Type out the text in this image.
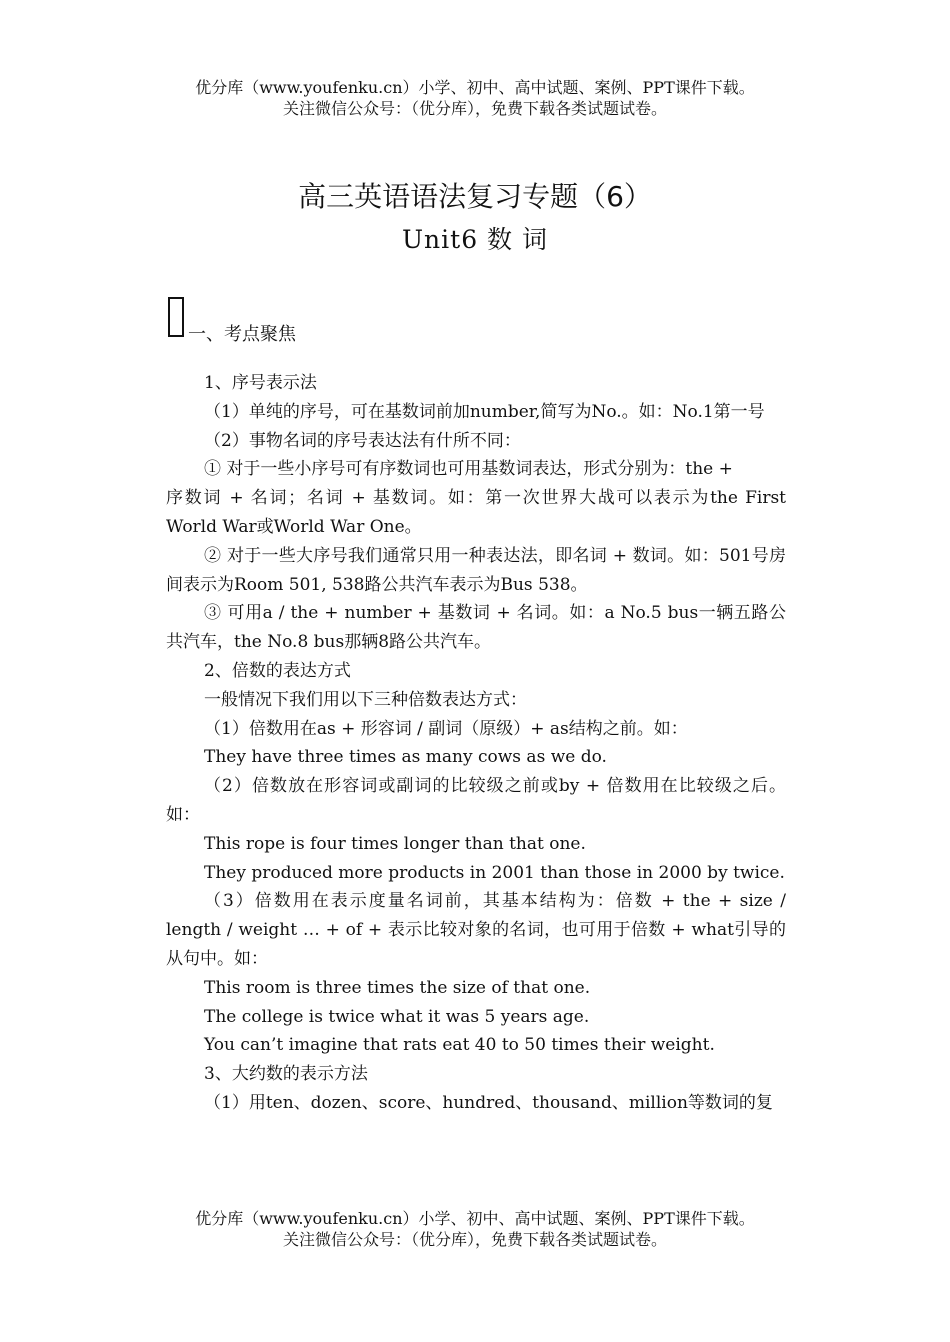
优分库（www.youfenku.cn）小学、初中、高中试题、案例、PPT课件下载。
关注微信公众号：（优分库），免费下载各类试题试卷。
高三英语语法复习专题（6）
Unit6 数 词
一、考点聚焦

1、序号表示法

（1）单纯的序号，可在基数词前加number,简写为No.。如：No.1第一号

（2）事物名词的序号表达法有什所不同：

① 对于一些小序号可有序数词也可用基数词表达，形式分别为：the +

序数词 + 名词；名词 + 基数词。如：第一次世界大战可以表示为the First World War或World War One。

② 对于一些大序号我们通常只用一种表达法，即名词 + 数词。如：501号房间表示为Room 501, 538路公共汽车表示为Bus 538。

③ 可用a / the + number + 基数词 + 名词。如：a No.5 bus一辆五路公共汽车，the No.8 bus那辆8路公共汽车。

2、倍数的表达方式

一般情况下我们用以下三种倍数表达方式：

（1）倍数用在as + 形容词 / 副词（原级）+ as结构之前。如：

They have three times as many cows as we do.

（2）倍数放在形容词或副词的比较级之前或by + 倍数用在比较级之后。如：

This rope is four times longer than that one.

They produced more products in 2001 than those in 2000 by twice.

（3）倍数用在表示度量名词前，其基本结构为：倍数 + the + size / length / weight … + of + 表示比较对象的名词，也可用于倍数 + what引导的从句中。如：

This room is three times the size of that one.

The college is twice what it was 5 years age.

You can’t imagine that rats eat 40 to 50 times their weight.

3、大约数的表示方法

（1）用ten、dozen、score、hundred、thousand、million等数词的复

优分库（www.youfenku.cn）小学、初中、高中试题、案例、PPT课件下载。
关注微信公众号：（优分库），免费下载各类试题试卷。
